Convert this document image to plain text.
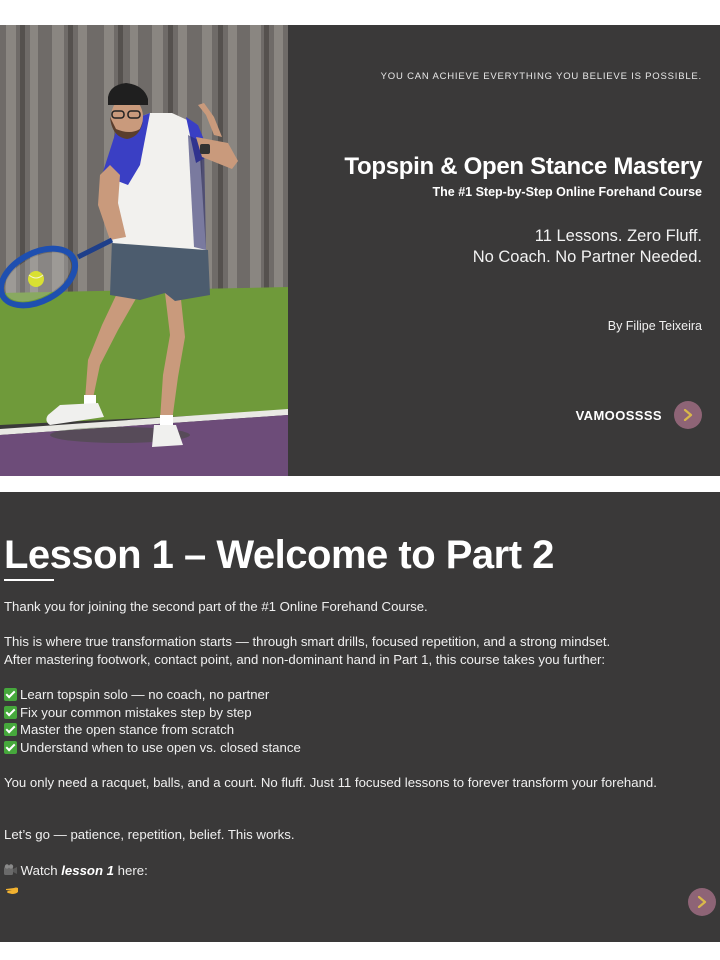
YOU CAN ACHIEVE EVERYTHING YOU BELIEVE IS POSSIBLE.
Topspin & Open Stance Mastery
The #1 Step-by-Step Online Forehand Course
11 Lessons. Zero Fluff.
No Coach. No Partner Needed.
By Filipe Teixeira
VAMOOSSSS
Lesson 1 – Welcome to Part 2
Thank you for joining the second part of the #1 Online Forehand Course.
This is where true transformation starts — through smart drills, focused repetition, and a strong mindset.
After mastering footwork, contact point, and non-dominant hand in Part 1, this course takes you further:
Learn topspin solo — no coach, no partner
Fix your common mistakes step by step
Master the open stance from scratch
Understand when to use open vs. closed stance
You only need a racquet, balls, and a court. No fluff. Just 11 focused lessons to forever transform your forehand.
Let’s go — patience, repetition, belief. This works.
Watch lesson 1 here:
